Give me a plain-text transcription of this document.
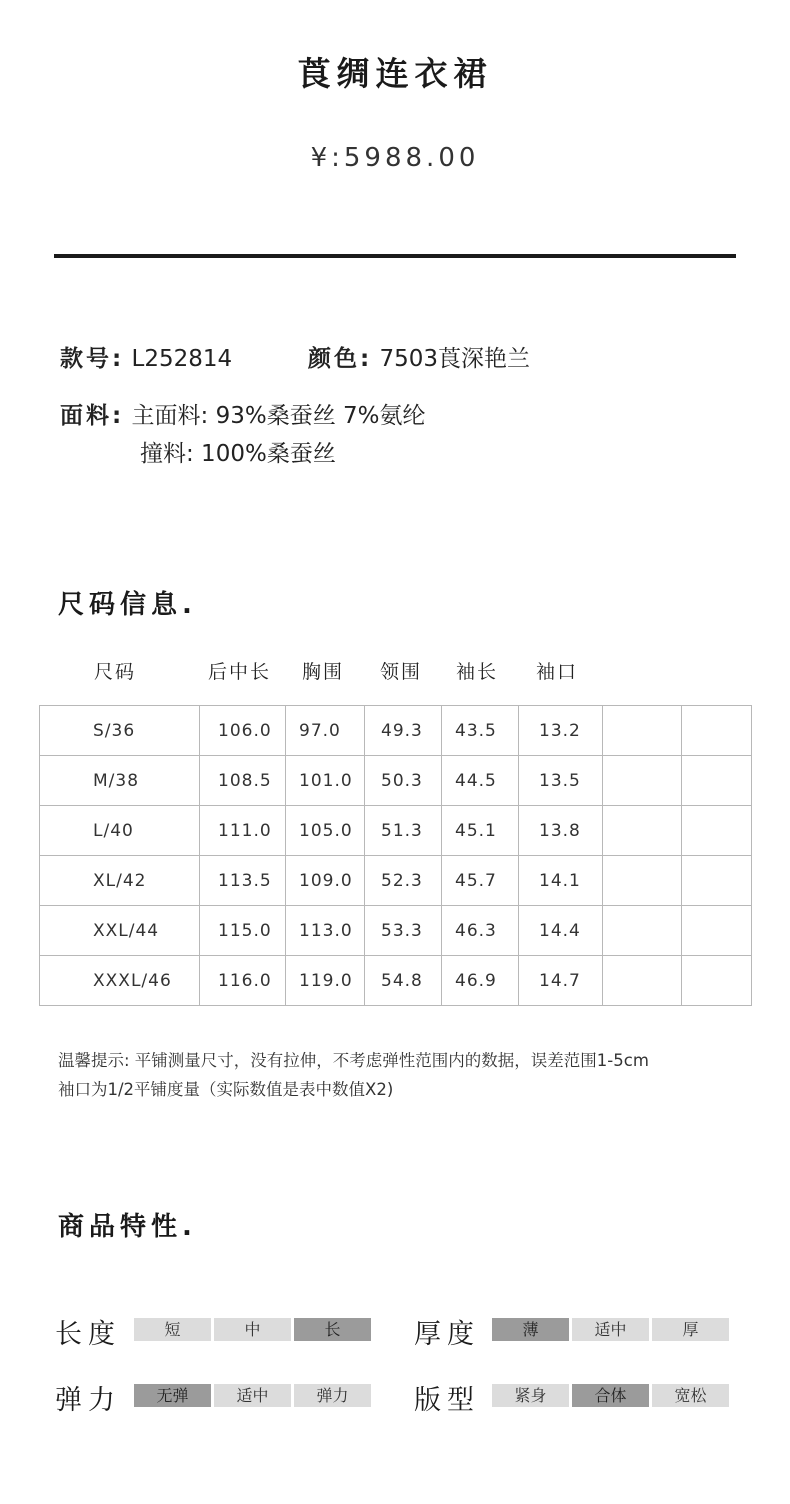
莨绸连衣裙
¥:5988.00
款号: L252814	颜色: 7503莨深艳兰
面料: 主面料: 93%桑蚕丝 7%氨纶
撞料: 100%桑蚕丝
尺码信息.
尺码	后中长 胸围 领围 袖长 袖口
S/36	106.0	97.0	49.3	43.5	13.2		
M/38	108.5	101.0	50.3	44.5	13.5		
L/40	111.0	105.0	51.3	45.1	13.8		
XL/42	113.5	109.0	52.3	45.7	14.1		
XXL/44	115.0	113.0	53.3	46.3	14.4		
XXXL/46	116.0	119.0	54.8	46.9	14.7		
温馨提示: 平铺测量尺寸，没有拉伸，不考虑弹性范围内的数据，误差范围1-5cm
袖口为1/2平铺度量（实际数值是表中数值X2)
商品特性.
长度	短	中	长	厚度	薄	适中	厚
弹力	无弹	适中	弹力	版型	紧身	合体	宽松
